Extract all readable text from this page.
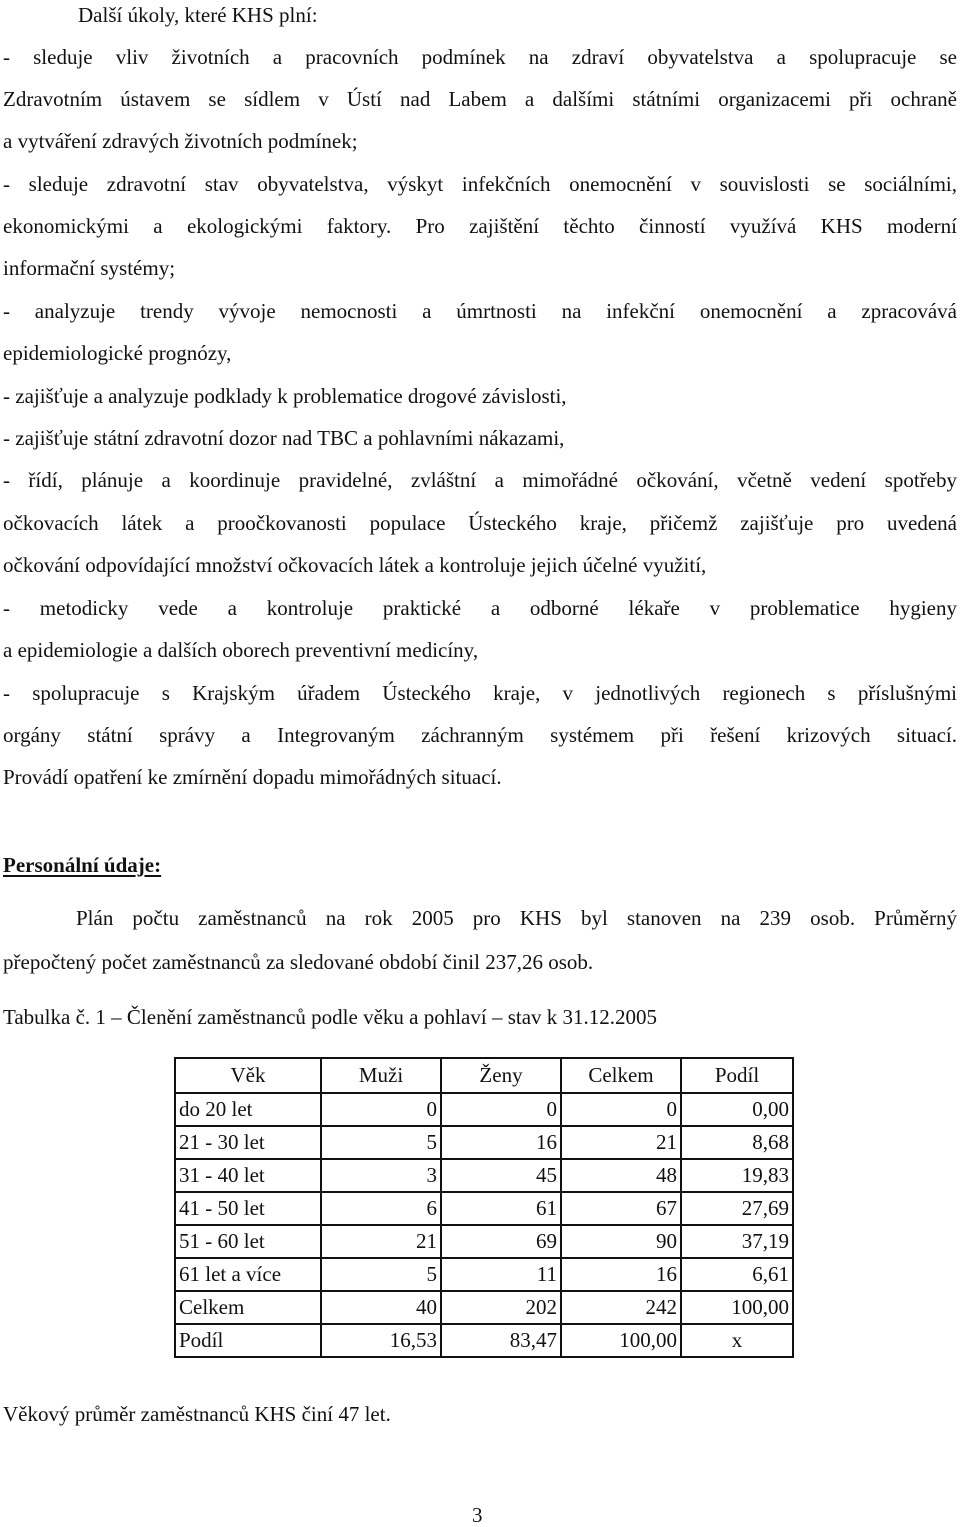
Další úkoly, které KHS plní:
- sleduje vliv životních a pracovních podmínek na zdraví obyvatelstva a spolupracuje se
Zdravotním ústavem se sídlem v Ústí nad Labem a dalšími státními organizacemi při ochraně
a vytváření zdravých životních podmínek;
- sleduje zdravotní stav obyvatelstva, výskyt infekčních onemocnění v souvislosti se sociálními,
ekonomickými a ekologickými faktory. Pro zajištění těchto činností využívá KHS moderní
informační systémy;
- analyzuje trendy vývoje nemocnosti a úmrtnosti na infekční onemocnění a zpracovává
epidemiologické prognózy,
- zajišťuje a analyzuje podklady k problematice drogové závislosti,
- zajišťuje státní zdravotní dozor nad TBC a pohlavními nákazami,
- řídí, plánuje a koordinuje pravidelné, zvláštní a mimořádné očkování, včetně vedení spotřeby
očkovacích látek a proočkovanosti populace Ústeckého kraje, přičemž zajišťuje pro uvedená
očkování odpovídající množství očkovacích látek a kontroluje jejich účelné využití,
- metodicky vede a kontroluje praktické a odborné lékaře v problematice hygieny
a epidemiologie a dalších oborech preventivní medicíny,
- spolupracuje s Krajským úřadem Ústeckého kraje, v jednotlivých regionech s příslušnými
orgány státní správy a Integrovaným záchranným systémem při řešení krizových situací.
Provádí opatření ke zmírnění dopadu mimořádných situací.
Personální údaje:
Plán počtu zaměstnanců na rok 2005 pro KHS byl stanoven na 239 osob. Průměrný
přepočtený počet zaměstnanců za sledované období činil 237,26 osob.
Tabulka č. 1 – Členění zaměstnanců podle věku a pohlaví – stav k 31.12.2005
Věk	Muži	Ženy	Celkem	Podíl
do 20 let	0	0	0	0,00
21 - 30 let	5	16	21	8,68
31 - 40 let	3	45	48	19,83
41 - 50 let	6	61	67	27,69
51 - 60 let	21	69	90	37,19
61 let a více	5	11	16	6,61
Celkem	40	202	242	100,00
Podíl	16,53	83,47	100,00	x
Věkový průměr zaměstnanců KHS činí 47 let.
3
